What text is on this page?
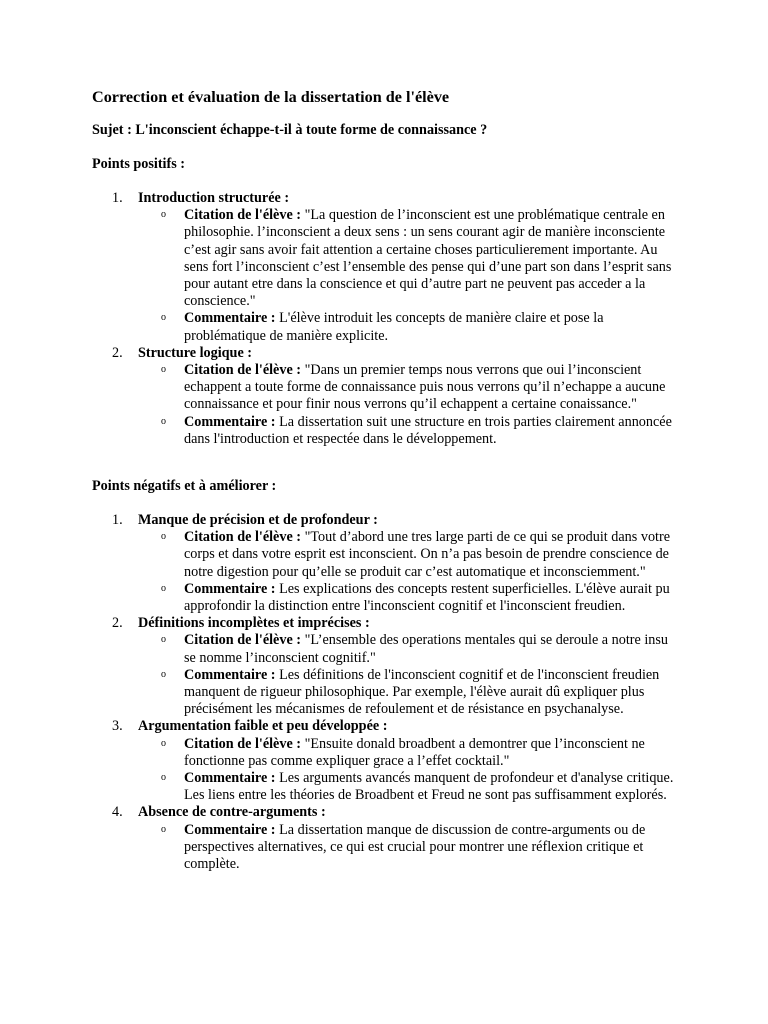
Correction et évaluation de la dissertation de l'élève

Sujet : L'inconscient échappe-t-il à toute forme de connaissance ?

Points positifs :

1. Introduction structurée :
o Citation de l'élève : "La question de l’inconscient est une problématique centrale en philosophie. l’inconscient a deux sens : un sens courant agir de manière inconsciente c’est agir sans avoir fait attention a certaine choses particulierement importante. Au sens fort l’inconscient c’est l’ensemble des pense qui d’une part son dans l’esprit sans pour autant etre dans la conscience et qui d’autre part ne peuvent pas acceder a la conscience."
o Commentaire : L'élève introduit les concepts de manière claire et pose la problématique de manière explicite.
2. Structure logique :
o Citation de l'élève : "Dans un premier temps nous verrons que oui l’inconscient echappent a toute forme de connaissance puis nous verrons qu’il n’echappe a aucune connaissance et pour finir nous verrons qu’il echappent a certaine conaissance."
o Commentaire : La dissertation suit une structure en trois parties clairement annoncée dans l'introduction et respectée dans le développement.

Points négatifs et à améliorer :

1. Manque de précision et de profondeur :
o Citation de l'élève : "Tout d’abord une tres large parti de ce qui se produit dans votre corps et dans votre esprit est inconscient. On n’a pas besoin de prendre conscience de notre digestion pour qu’elle se produit car c’est automatique et inconsciemment."
o Commentaire : Les explications des concepts restent superficielles. L'élève aurait pu approfondir la distinction entre l'inconscient cognitif et l'inconscient freudien.
2. Définitions incomplètes et imprécises :
o Citation de l'élève : "L’ensemble des operations mentales qui se deroule a notre insu se nomme l’inconscient cognitif."
o Commentaire : Les définitions de l'inconscient cognitif et de l'inconscient freudien manquent de rigueur philosophique. Par exemple, l'élève aurait dû expliquer plus précisément les mécanismes de refoulement et de résistance en psychanalyse.
3. Argumentation faible et peu développée :
o Citation de l'élève : "Ensuite donald broadbent a demontrer que l’inconscient ne fonctionne pas comme expliquer grace a l’effet cocktail."
o Commentaire : Les arguments avancés manquent de profondeur et d'analyse critique. Les liens entre les théories de Broadbent et Freud ne sont pas suffisamment explorés.
4. Absence de contre-arguments :
o Commentaire : La dissertation manque de discussion de contre-arguments ou de perspectives alternatives, ce qui est crucial pour montrer une réflexion critique et complète.
